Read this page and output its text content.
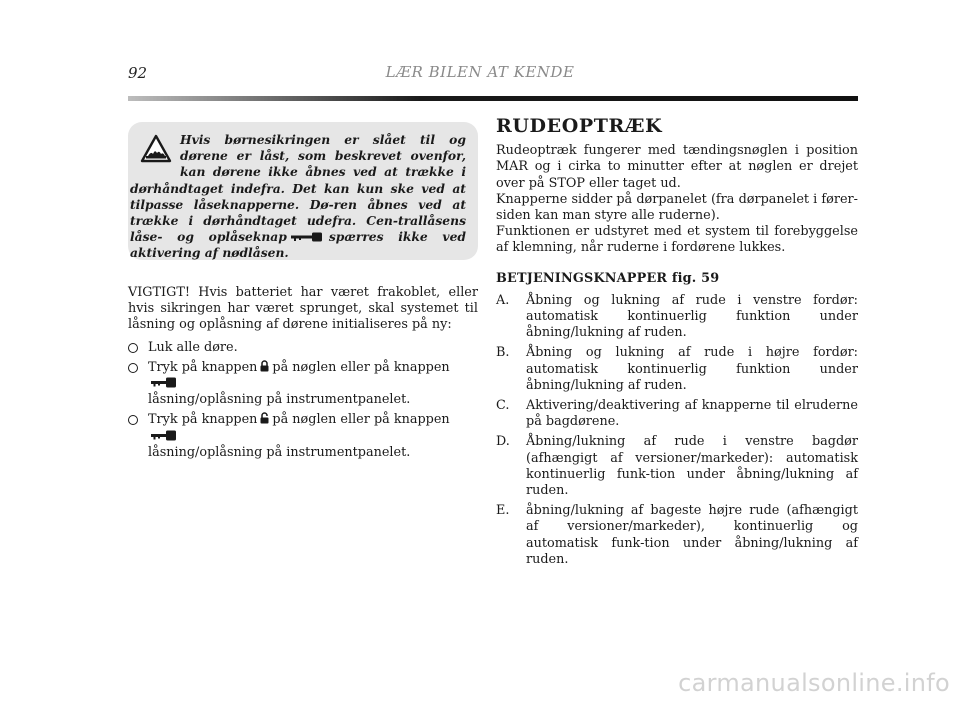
92	LÆR BILEN AT KENDE

Hvis børnesikringen er slået til og dørene er låst, som beskrevet ovenfor, kan dørene ikke åbnes ved at trække i dørhåndtaget indefra. Det kan kun ske ved at tilpasse låseknapperne. Dø-ren åbnes ved at trække i dørhåndtaget udefra. Cen-trallåsens låse- og oplåseknap	spærres ikke ved aktivering af nødlåsen.

VIGTIGT! Hvis batteriet har været frakoblet, eller hvis sikringen har været sprunget, skal systemet til låsning og oplåsning af dørene initialiseres på ny:

Luk alle døre.
Tryk på knappen på nøglen eller på knappen
låsning/oplåsning på instrumentpanelet.
Tryk på knappen på nøglen eller på knappen
låsning/oplåsning på instrumentpanelet.
RUDEOPTRÆK

Rudeoptræk fungerer med tændingsnøglen i position MAR og i cirka to minutter efter at nøglen er drejet over på STOP eller taget ud.

Knapperne sidder på dørpanelet (fra dørpanelet i fører-siden kan man styre alle ruderne).

Funktionen er udstyret med et system til forebyggelse af klemning, når ruderne i fordørene lukkes.

BETJENINGSKNAPPER fig. 59

A. Åbning og lukning af rude i venstre fordør: automatisk kontinuerlig funktion under åbning/lukning af ruden.
B. Åbning og lukning af rude i højre fordør: automatisk kontinuerlig funktion under åbning/lukning af ruden.
C. Aktivering/deaktivering af knapperne til elruderne på bagdørene.
D. Åbning/lukning af rude i venstre bagdør (afhængigt af versioner/markeder): automatisk kontinuerlig funk-tion under åbning/lukning af ruden.
E. åbning/lukning af bageste højre rude (afhængigt af versioner/markeder), kontinuerlig og automatisk funk-tion under åbning/lukning af ruden.
carmanualsonline.info
